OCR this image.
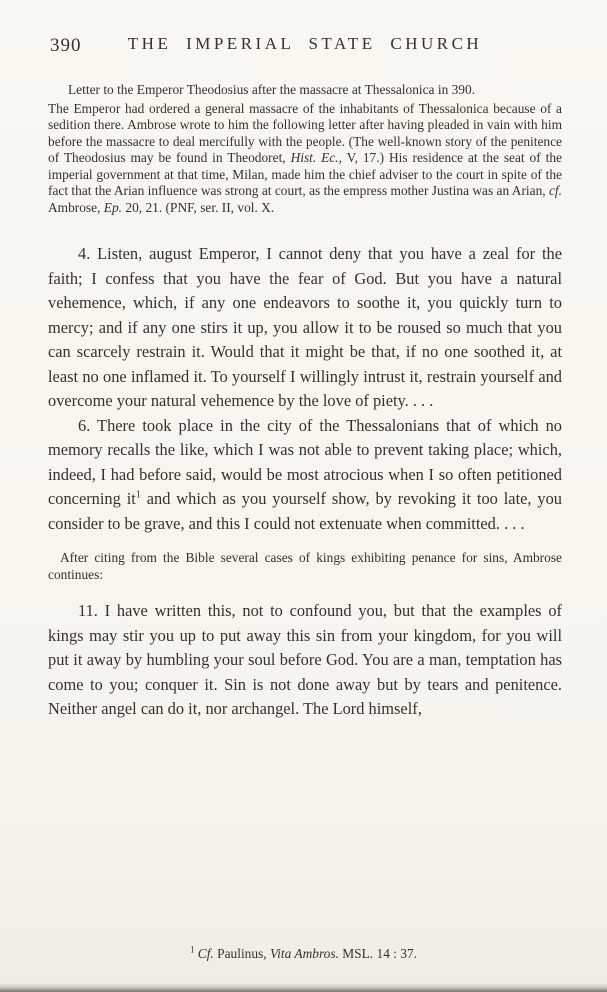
390	THE IMPERIAL STATE CHURCH

Letter to the Emperor Theodosius after the massacre at Thessalonica in 390.

The Emperor had ordered a general massacre of the inhabitants of Thessalonica because of a sedition there. Ambrose wrote to him the following letter after having pleaded in vain with him before the massacre to deal mercifully with the people. (The well-known story of the penitence of Theodosius may be found in Theodoret, Hist. Ec., V, 17.) His residence at the seat of the imperial government at that time, Milan, made him the chief adviser to the court in spite of the fact that the Arian influence was strong at court, as the empress mother Justina was an Arian, cf. Ambrose, Ep. 20, 21. (PNF, ser. II, vol. X.

4. Listen, august Emperor, I cannot deny that you have a zeal for the faith; I confess that you have the fear of God. But you have a natural vehemence, which, if any one endeavors to soothe it, you quickly turn to mercy; and if any one stirs it up, you allow it to be roused so much that you can scarcely restrain it. Would that it might be that, if no one soothed it, at least no one inflamed it. To yourself I willingly intrust it, restrain yourself and overcome your natural vehemence by the love of piety. . . .

6. There took place in the city of the Thessalonians that of which no memory recalls the like, which I was not able to prevent taking place; which, indeed, I had before said, would be most atrocious when I so often petitioned concerning it$^1$ and which as you yourself show, by revoking it too late, you consider to be grave, and this I could not extenuate when committed. . . .

After citing from the Bible several cases of kings exhibiting penance for sins, Ambrose continues:

11. I have written this, not to confound you, but that the examples of kings may stir you up to put away this sin from your kingdom, for you will put it away by humbling your soul before God. You are a man, temptation has come to you; conquer it. Sin is not done away but by tears and penitence. Neither angel can do it, nor archangel. The Lord himself,

$^1$ Cf. Paulinus, Vita Ambros. MSL. 14 : 37.
